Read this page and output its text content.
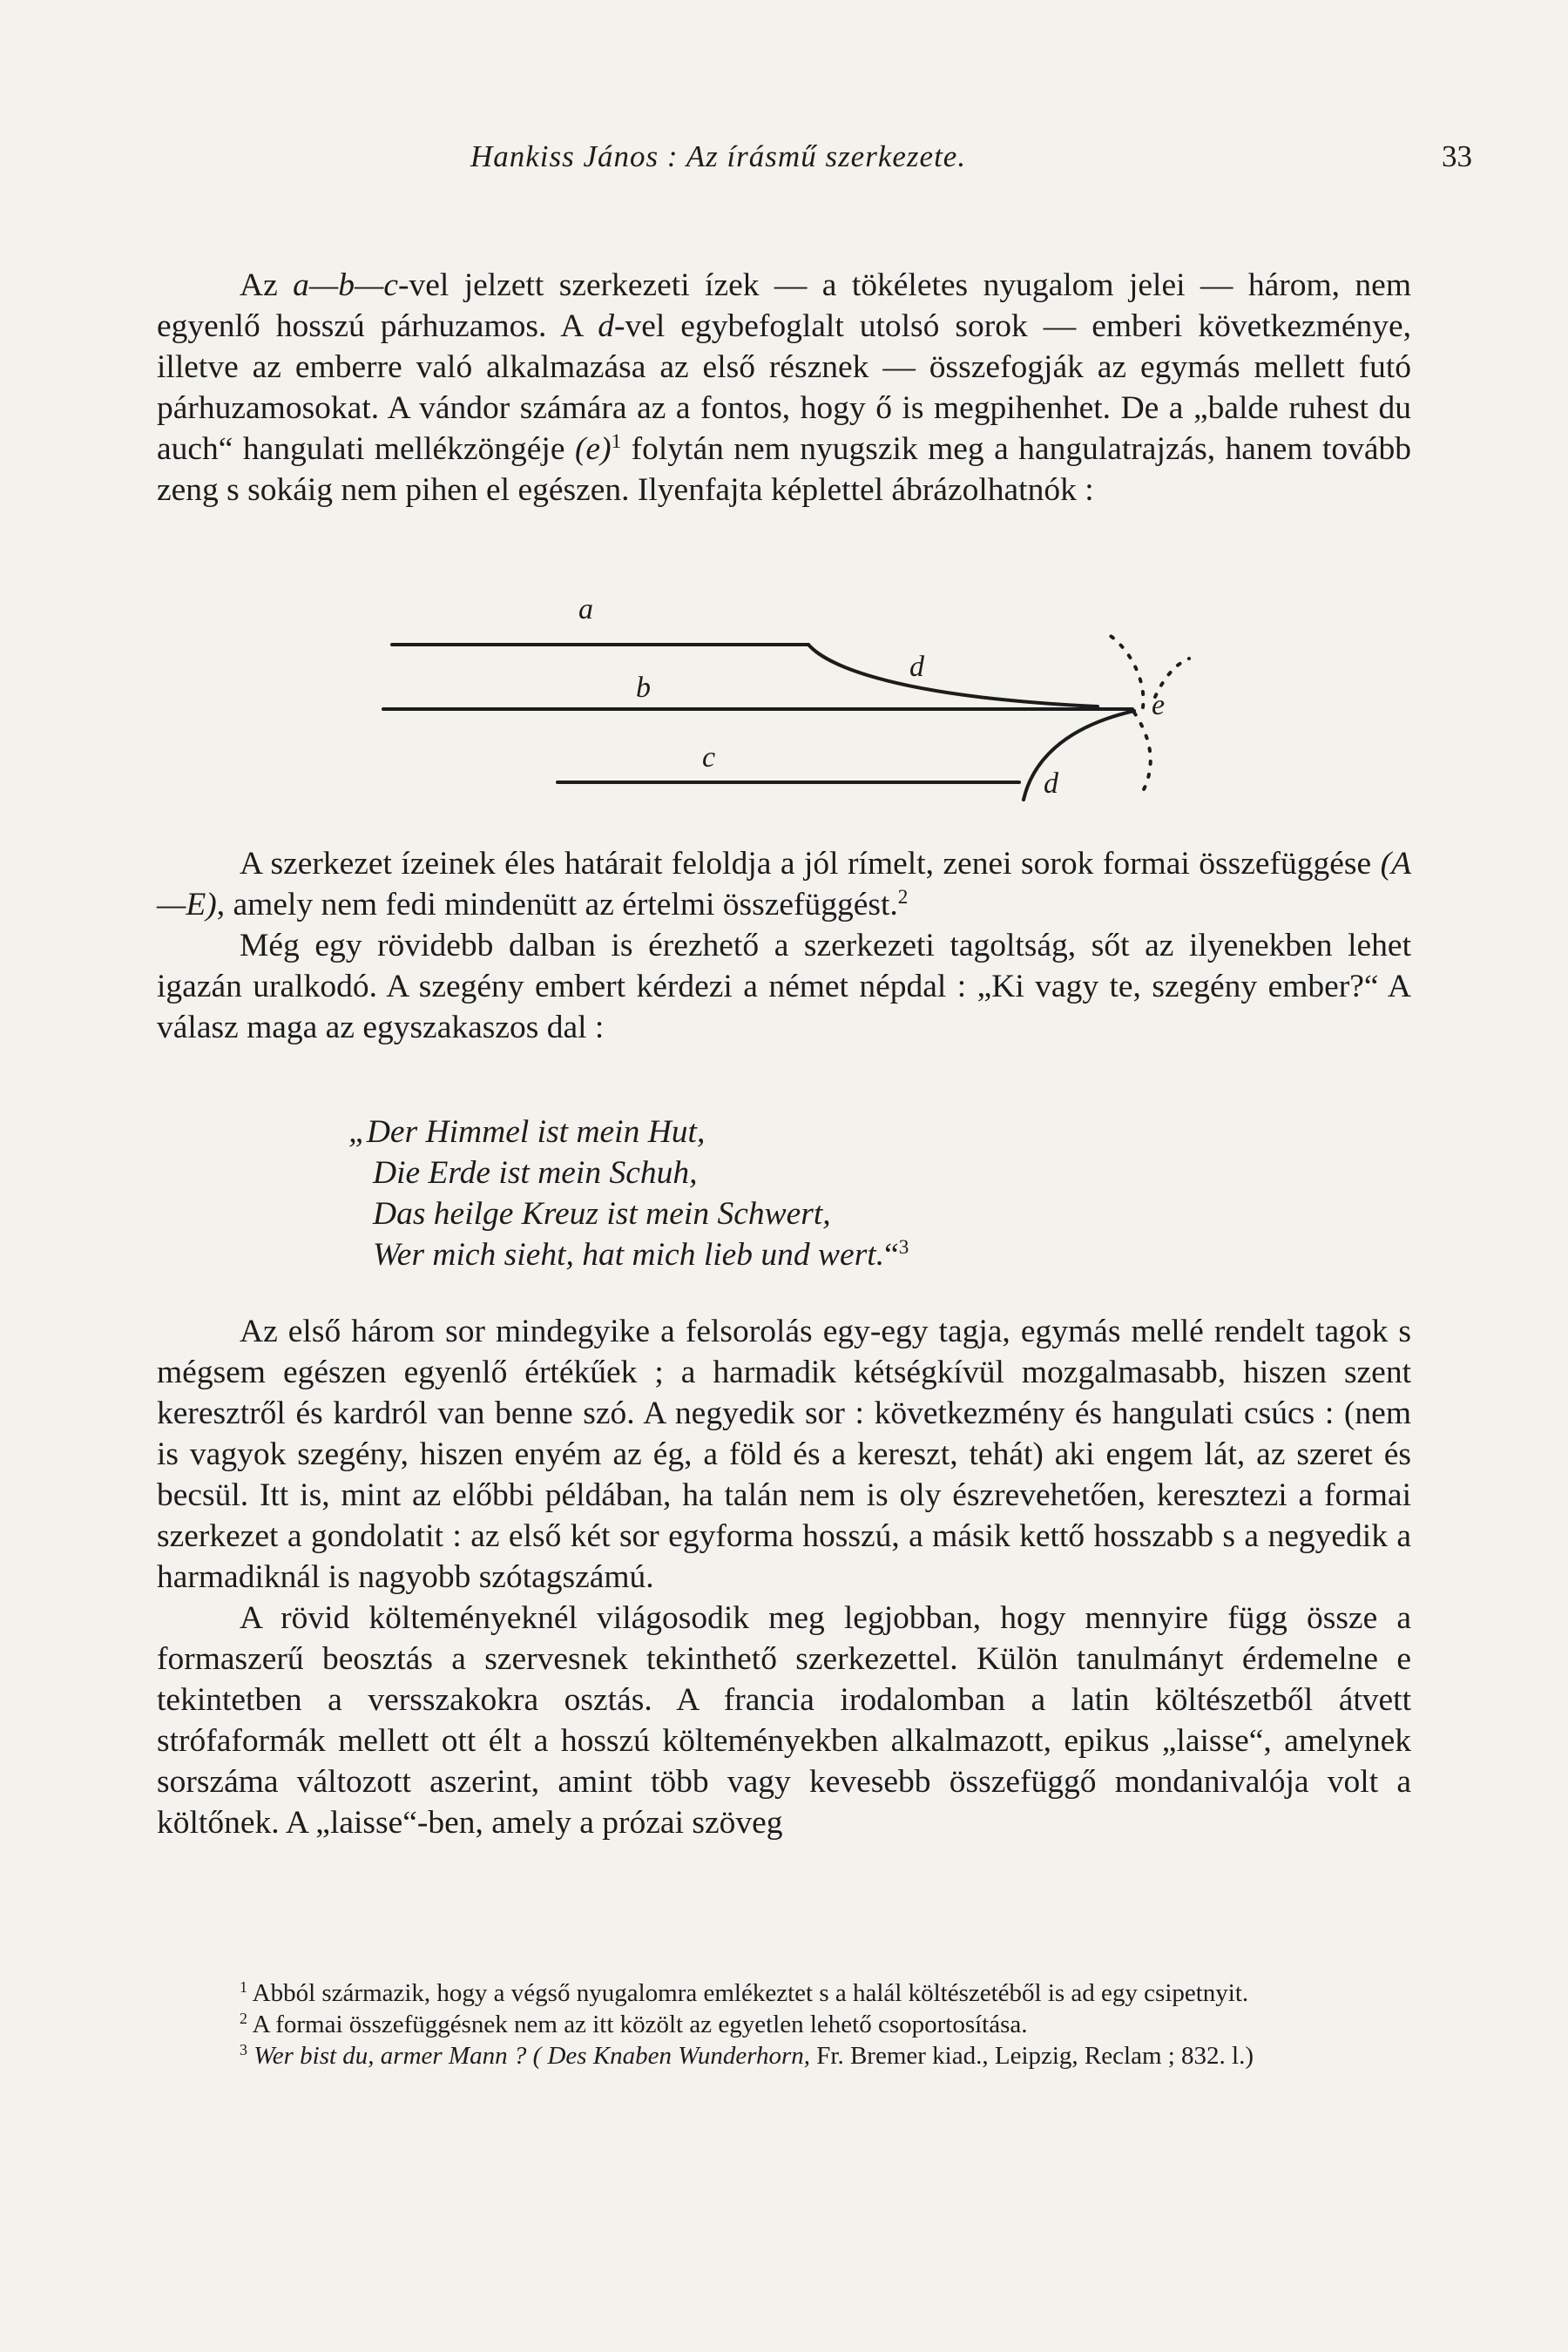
Hankiss János : Az írásmű szerkezete.	33

Az a—b—c-vel jelzett szerkezeti ízek — a tökéletes nyugalom jelei — három, nem egyenlő hosszú párhuzamos. A d-vel egybefoglalt utolsó sorok — emberi következménye, illetve az emberre való alkalmazása az első résznek — összefogják az egymás mellett futó párhuzamosokat. A vándor számára az a fontos, hogy ő is megpihenhet. De a „balde ruhest du auch“ hangulati mellékzöngéje $(e)^1$ folytán nem nyugszik meg a hangulatrajzás, hanem tovább zeng s sokáig nem pihen el egészen. Ilyenfajta képlettel ábrázolhatnók :

a
b
c
d
d
e

A szerkezet ízeinek éles határait feloldja a jól rímelt, zenei sorok formai összefüggése (A—E), amely nem fedi mindenütt az értelmi összefüggést.$^2$

Még egy rövidebb dalban is érezhető a szerkezeti tagoltság, sőt az ilyenekben lehet igazán uralkodó. A szegény embert kérdezi a német népdal : „Ki vagy te, szegény ember?“ A válasz maga az egyszakaszos dal :

„Der Himmel ist mein Hut,
Die Erde ist mein Schuh,
Das heilge Kreuz ist mein Schwert,
Wer mich sieht, hat mich lieb und wert.“$^3$

Az első három sor mindegyike a felsorolás egy-egy tagja, egymás mellé rendelt tagok s mégsem egészen egyenlő értékűek ; a harmadik kétségkívül mozgalmasabb, hiszen szent keresztről és kardról van benne szó. A negyedik sor : következmény és hangulati csúcs : (nem is vagyok szegény, hiszen enyém az ég, a föld és a kereszt, tehát) aki engem lát, az szeret és becsül. Itt is, mint az előbbi példában, ha talán nem is oly észrevehetően, keresztezi a formai szerkezet a gondolatit : az első két sor egyforma hosszú, a másik kettő hosszabb s a negyedik a harmadiknál is nagyobb szótagszámú.

A rövid költeményeknél világosodik meg legjobban, hogy mennyire függ össze a formaszerű beosztás a szervesnek tekinthető szerkezettel. Külön tanulmányt érdemelne e tekintetben a versszakokra osztás. A francia irodalomban a latin költészetből átvett strófaformák mellett ott élt a hosszú költeményekben alkalmazott, epikus „laisse“, amelynek sorszáma változott aszerint, amint több vagy kevesebb összefüggő mondanivalója volt a költőnek. A „laisse“-ben, amely a prózai szöveg

$^1$ Abból származik, hogy a végső nyugalomra emlékeztet s a halál költészetéből is ad egy csipetnyit.

$^2$ A formai összefüggésnek nem az itt közölt az egyetlen lehető csoportosítása.

$^3$ Wer bist du, armer Mann ? ( Des Knaben Wunderhorn, Fr. Bremer kiad., Leipzig, Reclam ; 832. l.)
